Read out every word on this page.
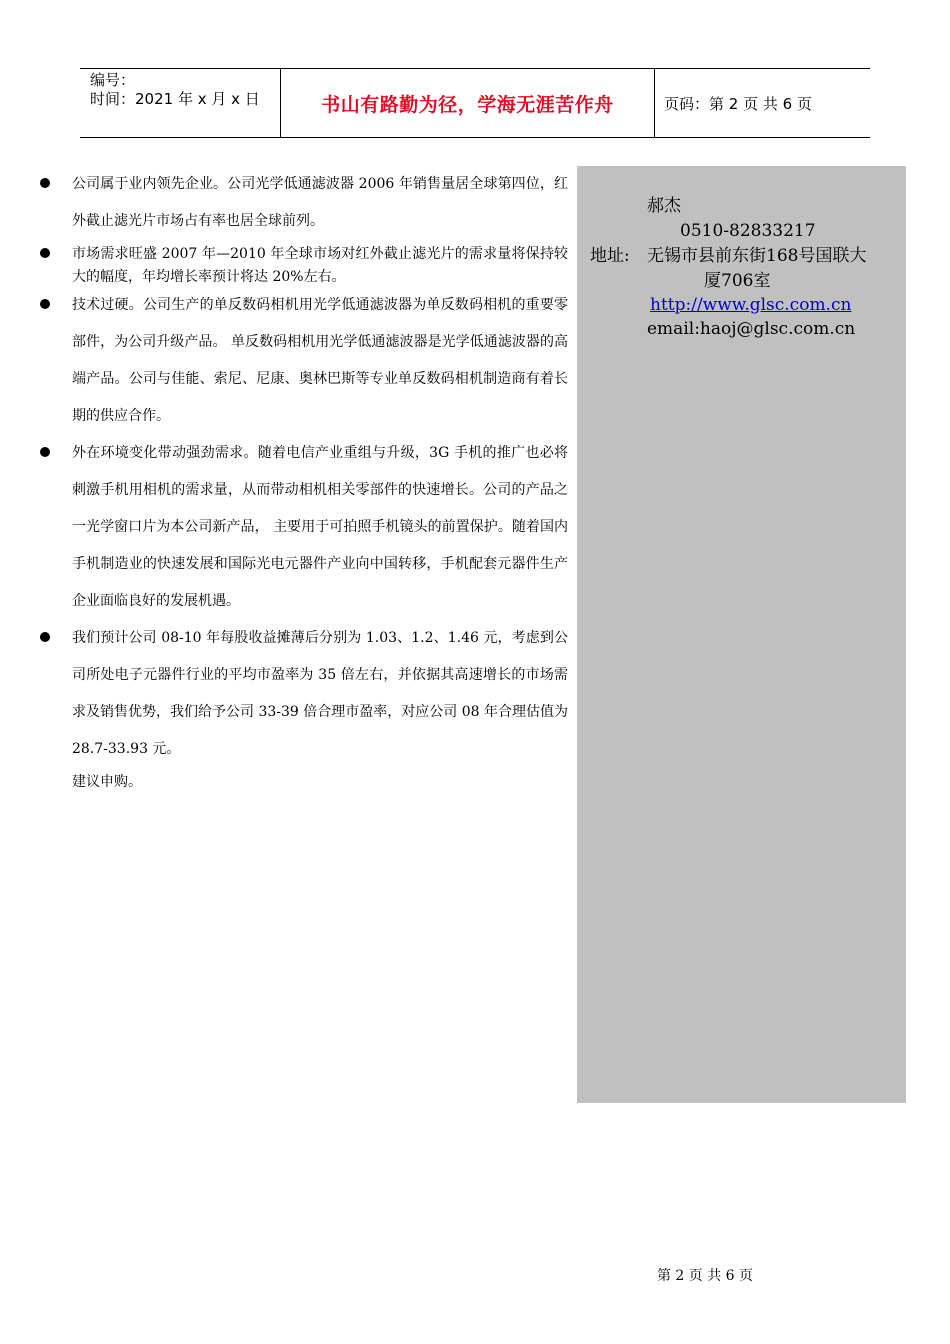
编号：
时间：2021 年 x 月 x 日	书山有路勤为径，学海无涯苦作舟	页码：第 2 页 共 6 页

公司属于业内领先企业。公司光学低通滤波器 2006 年销售量居全球第四位，红外截止滤光片市场占有率也居全球前列。

市场需求旺盛 2007 年—2010 年全球市场对红外截止滤光片的需求量将保持较大的幅度，年均增长率预计将达 20%左右。

技术过硬。公司生产的单反数码相机用光学低通滤波器为单反数码相机的重要零部件，为公司升级产品。 单反数码相机用光学低通滤波器是光学低通滤波器的高端产品。公司与佳能、索尼、尼康、奥林巴斯等专业单反数码相机制造商有着长期的供应合作。

外在环境变化带动强劲需求。随着电信产业重组与升级，3G 手机的推广也必将刺激手机用相机的需求量，从而带动相机相关零部件的快速增长。公司的产品之一光学窗口片为本公司新产品， 主要用于可拍照手机镜头的前置保护。随着国内手机制造业的快速发展和国际光电元器件产业向中国转移，手机配套元器件生产企业面临良好的发展机遇。

我们预计公司 08-10 年每股收益摊薄后分别为 1.03、1.2、1.46 元，考虑到公司所处电子元器件行业的平均市盈率为 35 倍左右，并依据其高速增长的市场需求及销售优势，我们给予公司 33-39 倍合理市盈率，对应公司 08 年合理估值为 28.7-33.93 元。

建议申购。
郝杰
0510-82833217
地址: 无锡市县前东街168号国联大
厦706室
http://www.glsc.com.cn
email:haoj@glsc.com.cn
第 2 页 共 6 页
